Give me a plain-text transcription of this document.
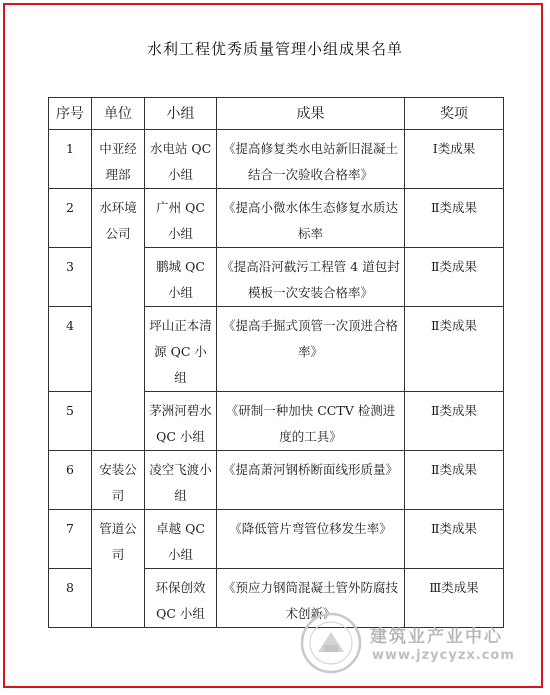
水利工程优秀质量管理小组成果名单
序号	单位	小组	成果	奖项
1	中亚经理部	水电站 QC 小组	《提高修复类水电站新旧混凝土结合一次验收合格率》	Ⅰ类成果
2	水环境公司	广州 QC 小组	《提高小微水体生态修复水质达标率	Ⅱ类成果
3		鹏城 QC 小组	《提高沿河截污工程管 4 道包封模板一次安装合格率》	Ⅱ类成果
4		坪山正本清源 QC 小组	《提高手掘式顶管一次顶进合格率》	Ⅱ类成果
5		茅洲河碧水 QC 小组	《研制一种加快 CCTV 检测进度的工具》	Ⅱ类成果
6	安装公司	凌空飞渡小组	《提高萧河钢桥断面线形质量》	Ⅱ类成果
7	管道公司	卓越 QC 小组	《降低管片弯管位移发生率》	Ⅱ类成果
8		环保创效 QC 小组	《预应力钢筒混凝土管外防腐技术创新》	Ⅲ类成果
建筑业产业中心
www.jzycyzx.com
